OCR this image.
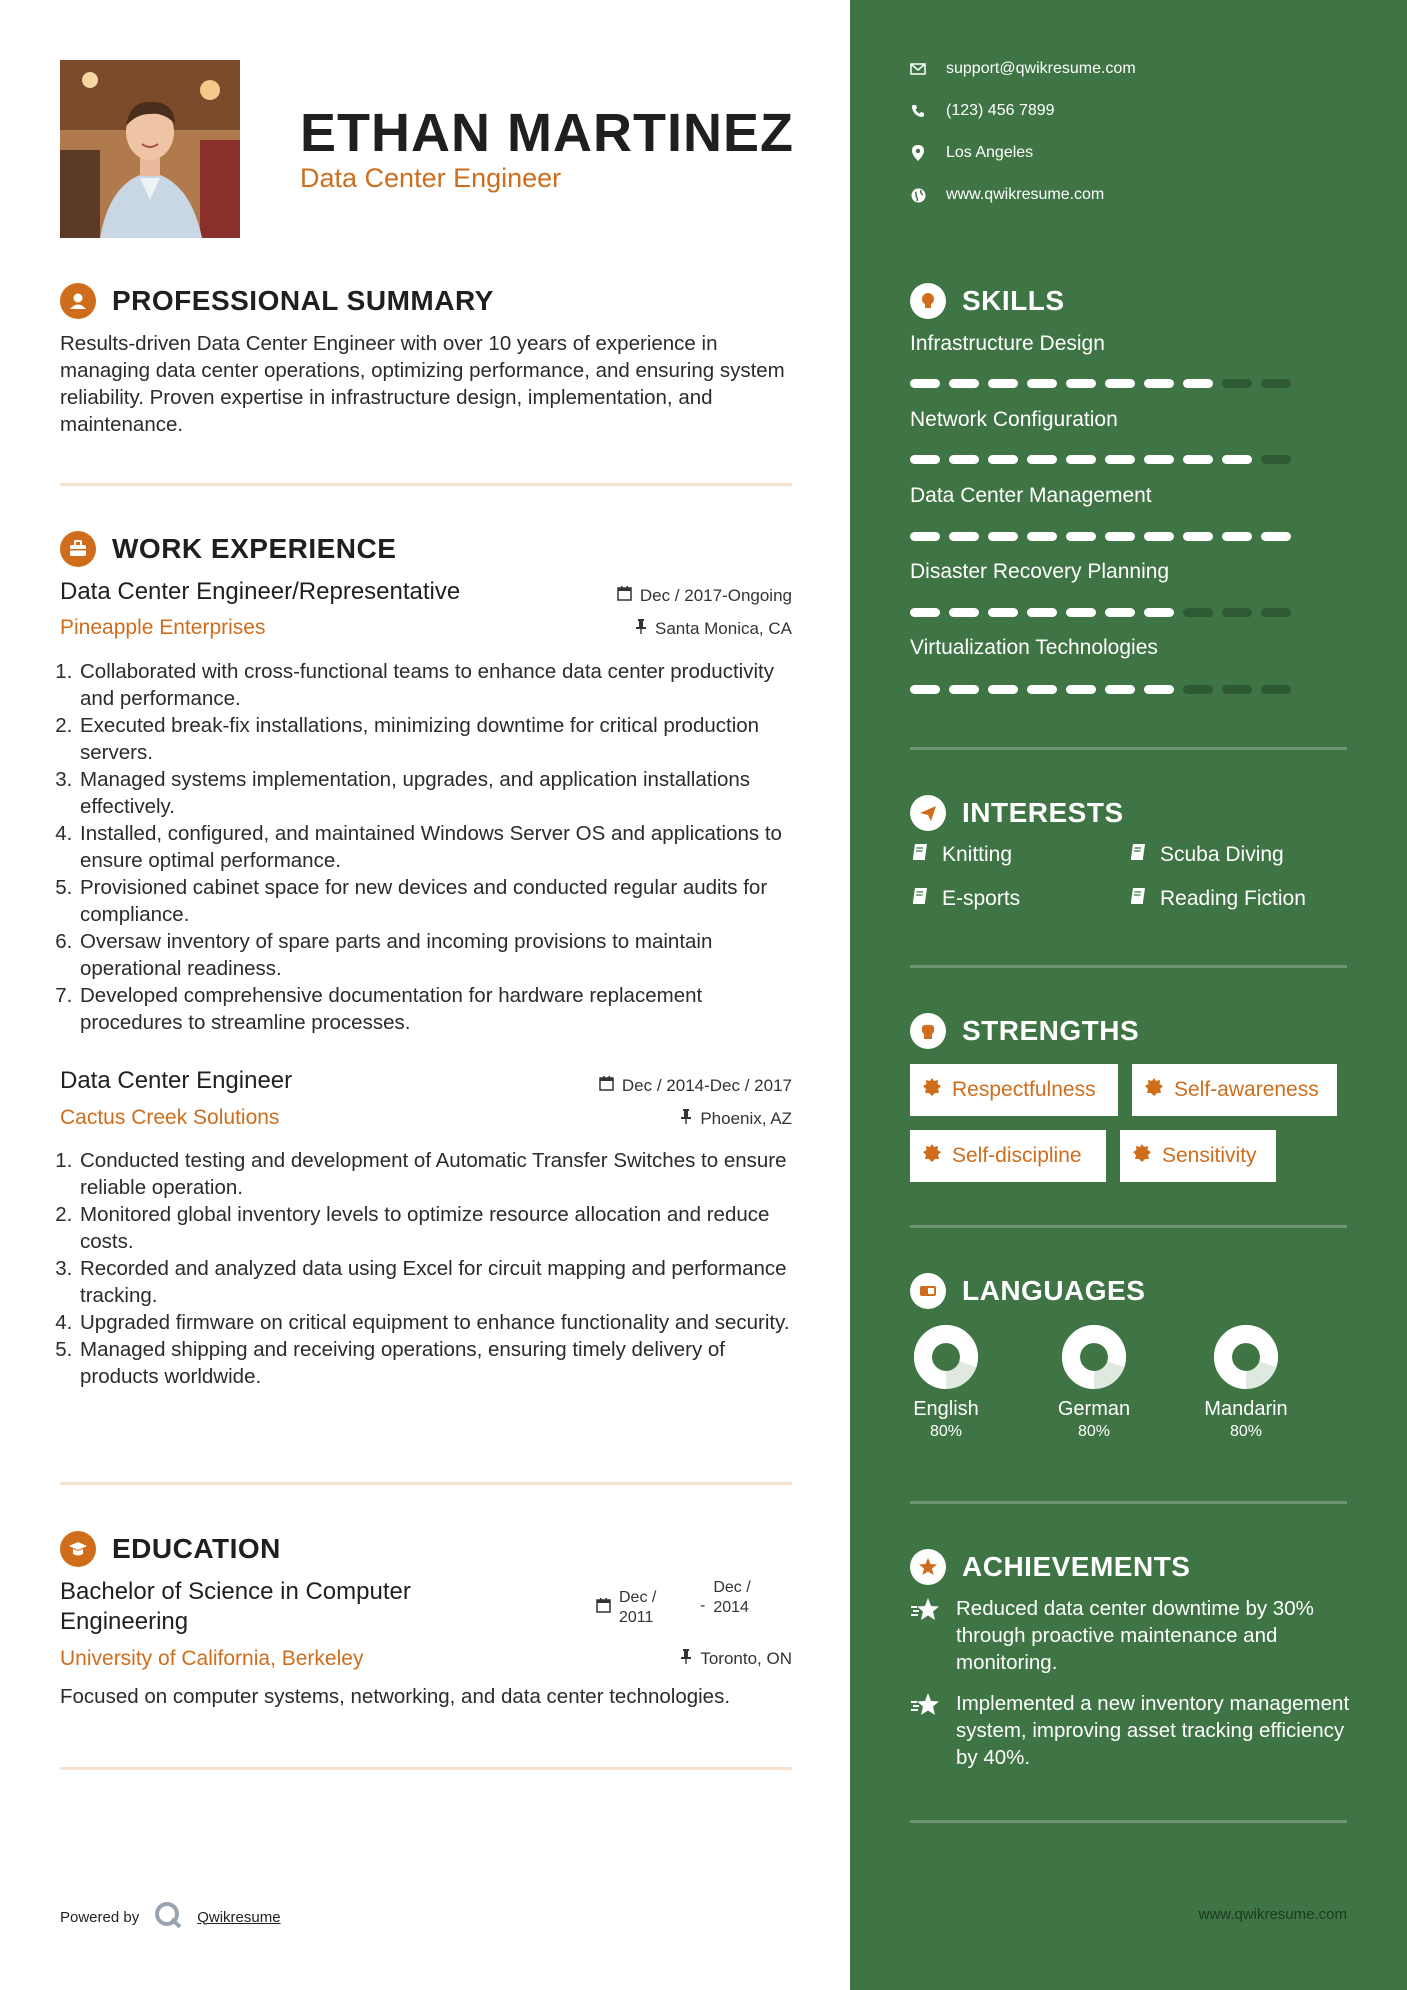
ETHAN MARTINEZ
Data Center Engineer
PROFESSIONAL SUMMARY

Results-driven Data Center Engineer with over 10 years of experience in managing data center operations, optimizing performance, and ensuring system reliability. Proven expertise in infrastructure design, implementation, and maintenance.

WORK EXPERIENCE
Data Center Engineer/Representative	Dec / 2017-Ongoing
Pineapple Enterprises	Santa Monica, CA
1. Collaborated with cross-functional teams to enhance data center productivity and performance.
2. Executed break-fix installations, minimizing downtime for critical production servers.
3. Managed systems implementation, upgrades, and application installations effectively.
4. Installed, configured, and maintained Windows Server OS and applications to ensure optimal performance.
5. Provisioned cabinet space for new devices and conducted regular audits for compliance.
6. Oversaw inventory of spare parts and incoming provisions to maintain operational readiness.
7. Developed comprehensive documentation for hardware replacement procedures to streamline processes.
Data Center Engineer	Dec / 2014-Dec / 2017
Cactus Creek Solutions	Phoenix, AZ
1. Conducted testing and development of Automatic Transfer Switches to ensure reliable operation.
2. Monitored global inventory levels to optimize resource allocation and reduce costs.
3. Recorded and analyzed data using Excel for circuit mapping and performance tracking.
4. Upgraded firmware on critical equipment to enhance functionality and security.
5. Managed shipping and receiving operations, ensuring timely delivery of products worldwide.
EDUCATION
Bachelor of Science in Computer Engineering
Dec / 2011
-
Dec / 2014
University of California, Berkeley	Toronto, ON

Focused on computer systems, networking, and data center technologies.

Powered by	Qwikresume
support@qwikresume.com
(123) 456 7899
Los Angeles
www.qwikresume.com
SKILLS
Infrastructure Design
Network Configuration
Data Center Management
Disaster Recovery Planning
Virtualization Technologies
INTERESTS
Knitting	Scuba Diving
E-sports	Reading Fiction
STRENGTHS
Respectfulness	Self-awareness
Self-discipline	Sensitivity
LANGUAGES
English
80%
German
80%
Mandarin
80%
ACHIEVEMENTS
Reduced data center downtime by 30% through proactive maintenance and monitoring.
Implemented a new inventory management system, improving asset tracking efficiency by 40%.
www.qwikresume.com
